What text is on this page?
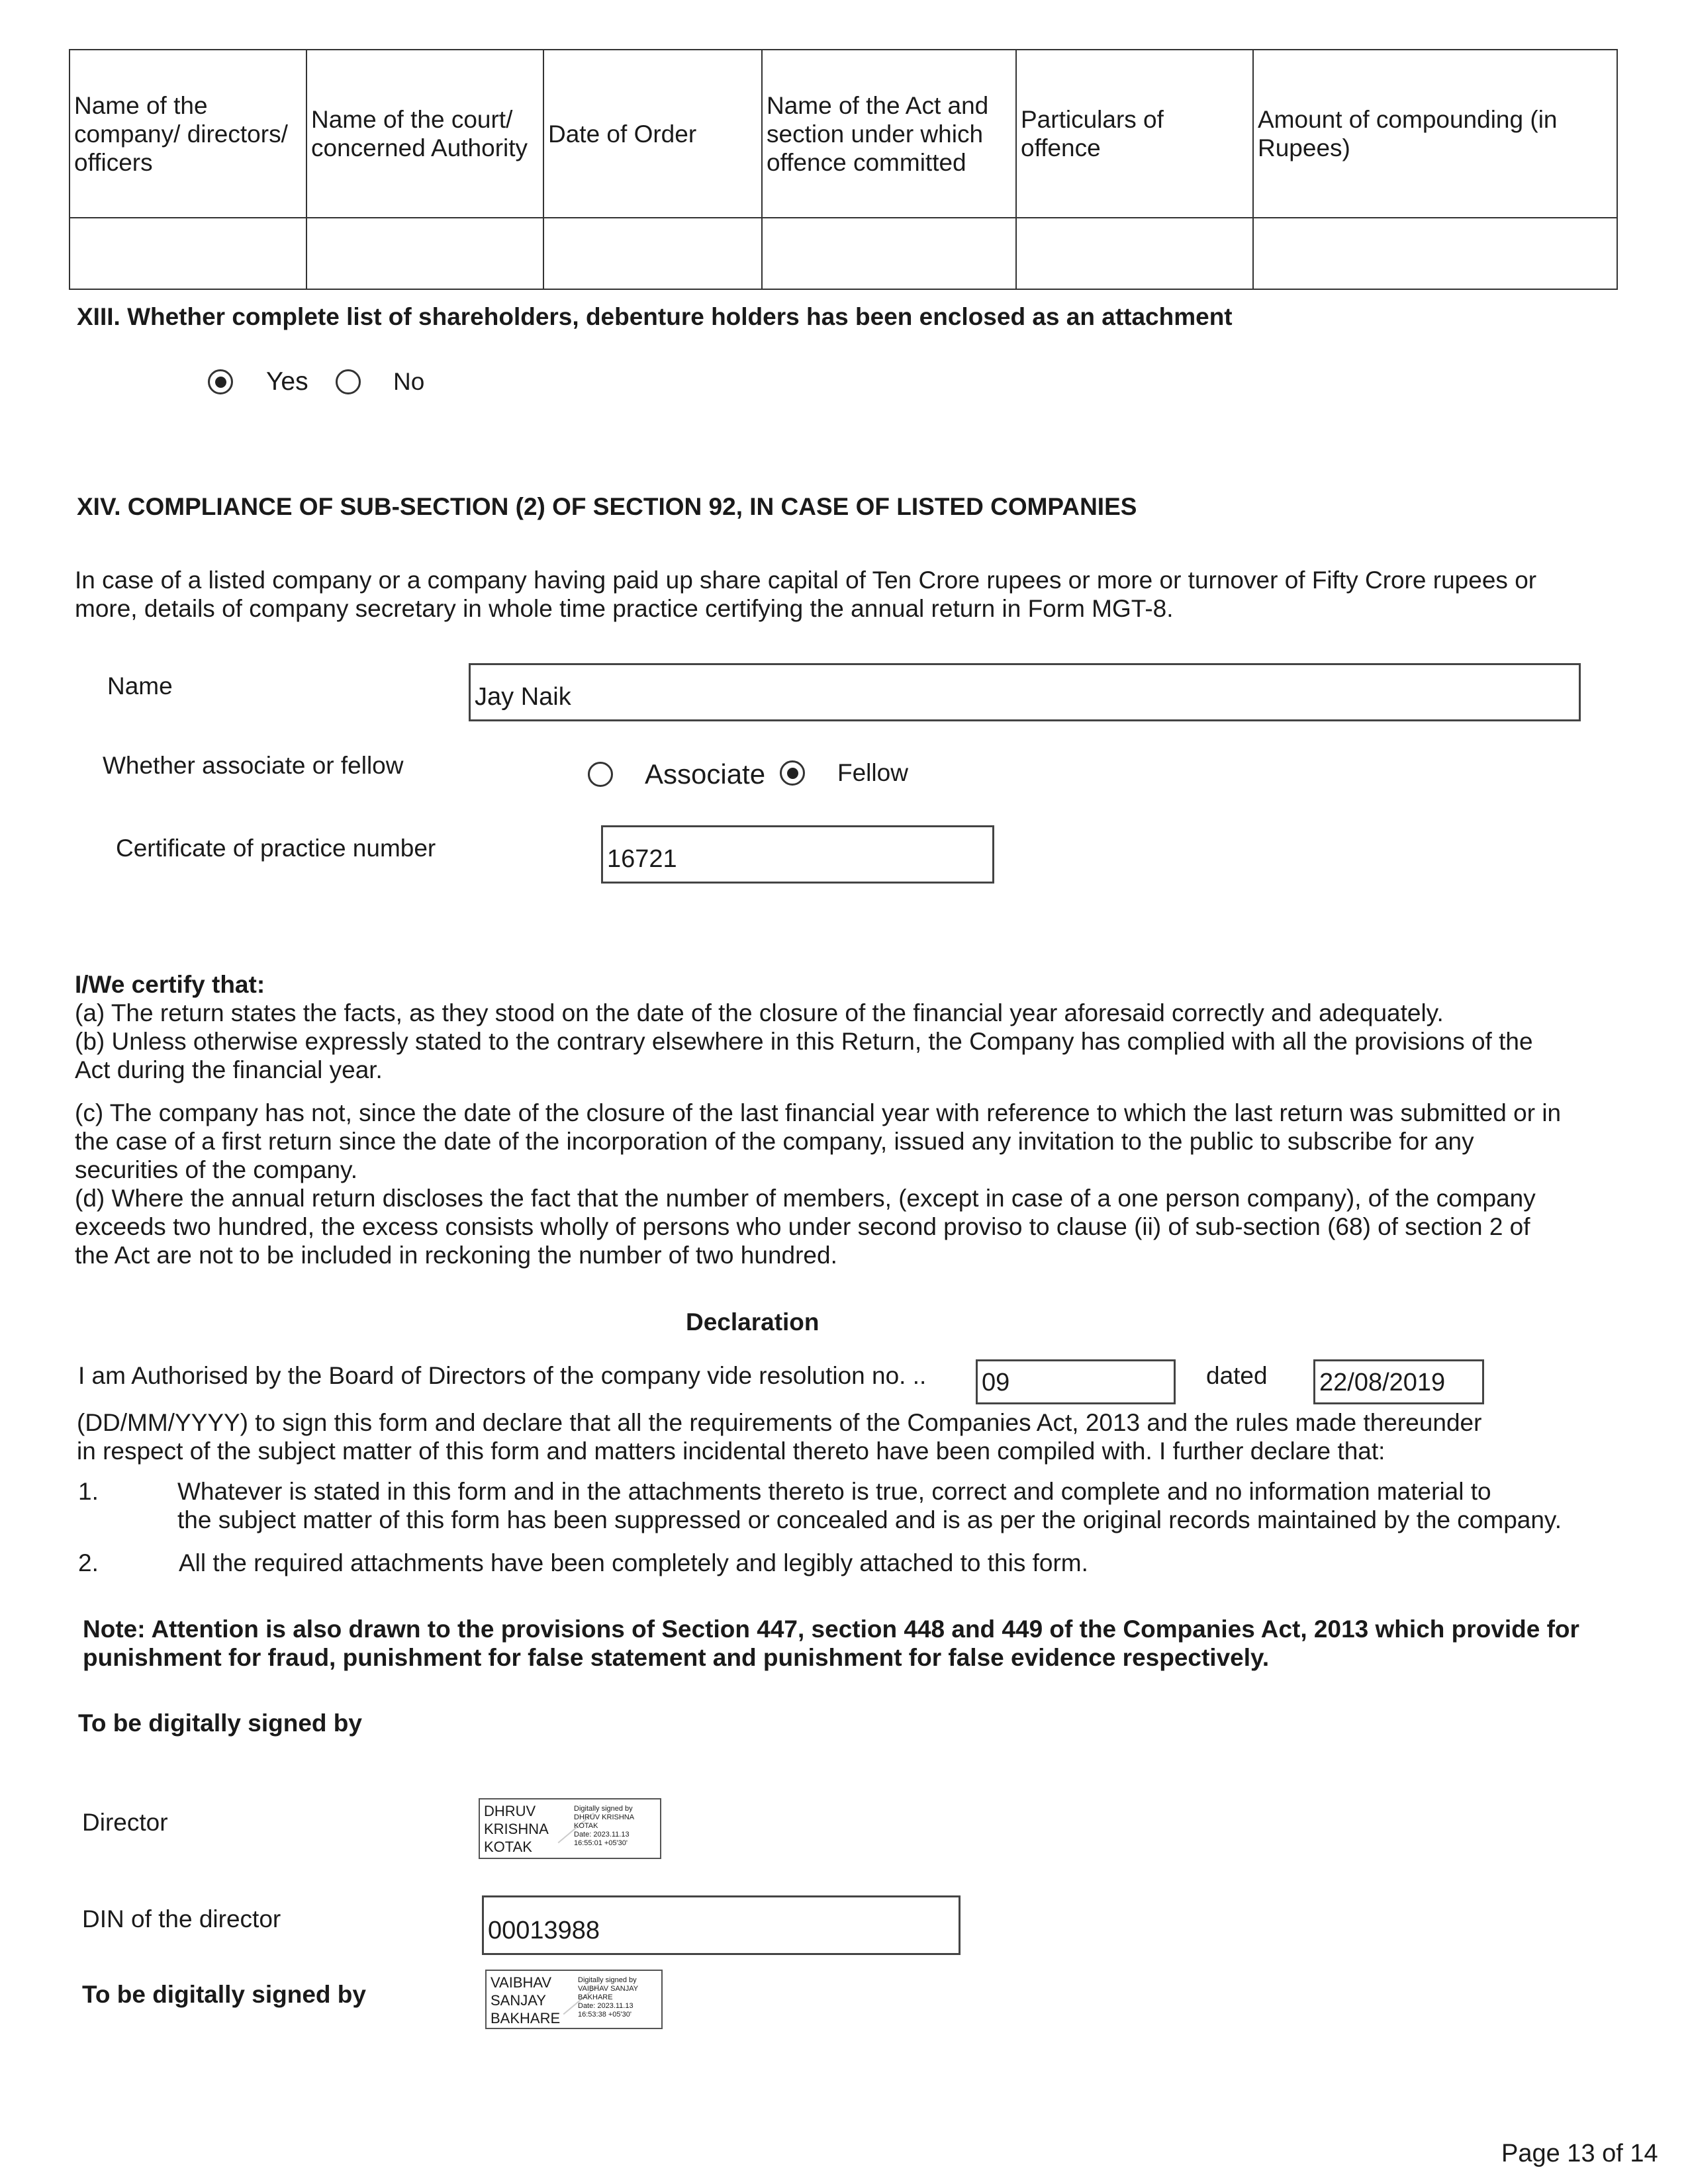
Name of the company/ directors/ officers	Name of the court/ concerned Authority	Date of Order	Name of the Act and section under which offence committed	Particulars of offence	Amount of compounding (in Rupees)

XIII. Whether complete list of shareholders, debenture holders has been enclosed as an attachment
Yes	No
XIV. COMPLIANCE OF SUB-SECTION (2) OF SECTION 92, IN CASE OF LISTED COMPANIES
In case of a listed company or a company having paid up share capital of Ten Crore rupees or more or turnover of Fifty Crore rupees or
more, details of company secretary in whole time practice certifying the annual return in Form MGT-8.
Name	Jay Naik
Whether associate or fellow	Associate	Fellow
Certificate of practice number	16721
I/We certify that:
(a) The return states the facts, as they stood on the date of the closure of the financial year aforesaid correctly and adequately.
(b) Unless otherwise expressly stated to the contrary elsewhere in this Return, the Company has complied with all the provisions of the
Act during the financial year.
(c) The company has not, since the date of the closure of the last financial year with reference to which the last return was submitted or in
the case of a first return since the date of the incorporation of the company, issued any invitation to the public to subscribe for any
securities of the company.
(d) Where the annual return discloses the fact that the number of members, (except in case of a one person company), of the company
exceeds two hundred, the excess consists wholly of persons who under second proviso to clause (ii) of sub-section (68) of section 2 of
the Act are not to be included in reckoning the number of two hundred.
Declaration
I am Authorised by the Board of Directors of the company vide resolution no. .. 09	dated 22/08/2019
(DD/MM/YYYY) to sign this form and declare that all the requirements of the Companies Act, 2013 and the rules made thereunder
in respect of the subject matter of this form and matters incidental thereto have been compiled with. I further declare that:
1.	Whatever is stated in this form and in the attachments thereto is true, correct and complete and no information material to
the subject matter of this form has been suppressed or concealed and is as per the original records maintained by the company.
2.	All the required attachments have been completely and legibly attached to this form.
Note: Attention is also drawn to the provisions of Section 447, section 448 and 449 of the Companies Act, 2013 which provide for
punishment for fraud, punishment for false statement and punishment for false evidence respectively.
To be digitally signed by
Director	DHRUV
KRISHNA
KOTAK
Digitally signed by
DHRUV KRISHNA
KOTAK
Date: 2023.11.13
16:55:01 +05'30'
DIN of the director	00013988
To be digitally signed by	VAIBHAV
SANJAY
BAKHARE
Digitally signed by
VAIBHAV SANJAY
BAKHARE
Date: 2023.11.13
16:53:38 +05'30'
Page 13 of 14
